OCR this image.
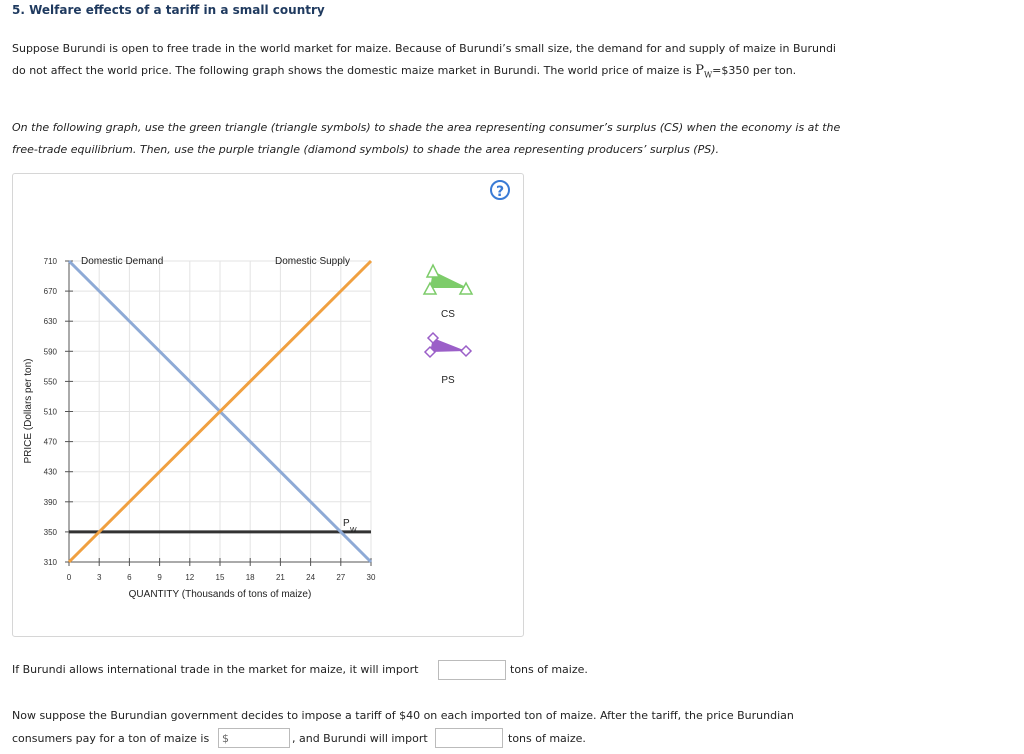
5. Welfare effects of a tariff in a small country
Suppose Burundi is open to free trade in the world market for maize. Because of Burundi’s small size, the demand for and supply of maize in Burundi
do not affect the world price. The following graph shows the domestic maize market in Burundi. The world price of maize is $P_W=\$350$ per ton.
On the following graph, use the green triangle (triangle symbols) to shade the area representing consumer’s surplus (CS) when the economy is at the
free-trade equilibrium. Then, use the purple triangle (diamond symbols) to shade the area representing producers’ surplus (PS).
?
710
670
630
590
550
510
470
430
390
350
310
0	3	6	9	12	15	18	21	24	27	30
QUANTITY (Thousands of tons of maize)
PRICE (Dollars per ton)
Domestic Demand	Domestic Supply
P
W
CS
PS
If Burundi allows international trade in the market for maize, it will import	tons of maize.
Now suppose the Burundian government decides to impose a tariff of $40 on each imported ton of maize. After the tariff, the price Burundian
consumers pay for a ton of maize is $	, and Burundi will import	tons of maize.
